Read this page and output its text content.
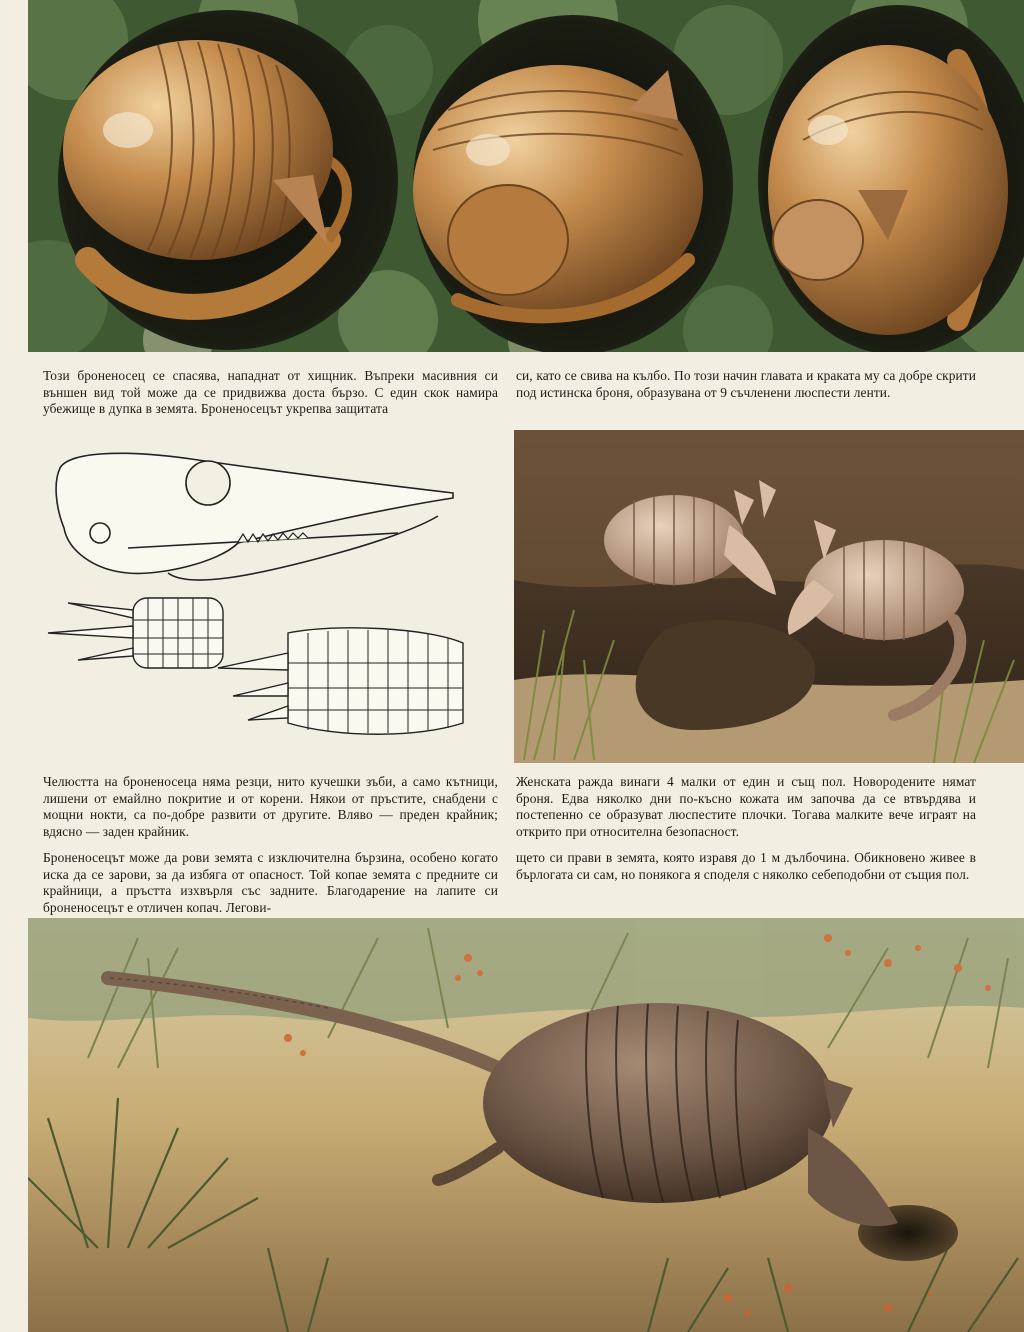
Този броненосец се спасява, нападнат от хищник. Въпреки масивния си външен вид той може да се придвижва доста бързо. С един скок намира убежище в дупка в земята. Броненосецът укрепва защитата

си, като се свива на кълбо. По този начин главата и краката му са добре скрити под истинска броня, образувана от 9 съчленени люспести ленти.

Челюстта на броненосеца няма резци, нито кучешки зъби, а само кътници, лишени от емайлно покритие и от корени. Някои от пръстите, снабдени с мощни нокти, са по-добре развити от другите. Вляво — преден крайник; вдясно — заден крайник.

Броненосецът може да рови земята с изключителна бързина, особено когато иска да се зарови, за да избяга от опасност. Той копае земята с предните си крайници, а пръстта изхвърля със задните. Благодарение на лапите си броненосецът е отличен копач. Легови-

Женската ражда винаги 4 малки от един и същ пол. Новородените нямат броня. Едва няколко дни по-късно кожата им започва да се втвърдява и постепенно се образуват люспестите плочки. Тогава малките вече играят на открито при относителна безопасност.

щето си прави в земята, която изравя до 1 м дълбочина. Обикновено живее в бърлогата си сам, но понякога я споделя с няколко себеподобни от същия пол.
